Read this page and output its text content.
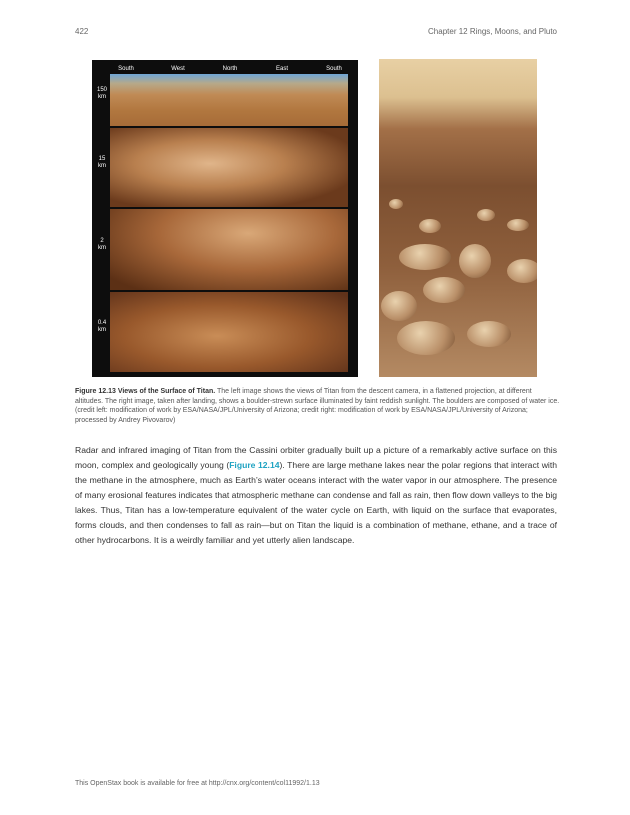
422	Chapter 12 Rings, Moons, and Pluto
South	West	North	East	South
150
km
15
km
2
km
0.4
km
Figure 12.13 Views of the Surface of Titan. The left image shows the views of Titan from the descent camera, in a flattened projection, at different altitudes. The right image, taken after landing, shows a boulder-strewn surface illuminated by faint reddish sunlight. The boulders are composed of water ice. (credit left: modification of work by ESA/NASA/JPL/University of Arizona; credit right: modification of work by ESA/NASA/JPL/University of Arizona; processed by Andrey Pivovarov)
Radar and infrared imaging of Titan from the Cassini orbiter gradually built up a picture of a remarkably active surface on this moon, complex and geologically young (Figure 12.14). There are large methane lakes near the polar regions that interact with the methane in the atmosphere, much as Earth’s water oceans interact with the water vapor in our atmosphere. The presence of many erosional features indicates that atmospheric methane can condense and fall as rain, then flow down valleys to the big lakes. Thus, Titan has a low-temperature equivalent of the water cycle on Earth, with liquid on the surface that evaporates, forms clouds, and then condenses to fall as rain—but on Titan the liquid is a combination of methane, ethane, and a trace of other hydrocarbons. It is a weirdly familiar and yet utterly alien landscape.
This OpenStax book is available for free at http://cnx.org/content/col11992/1.13
